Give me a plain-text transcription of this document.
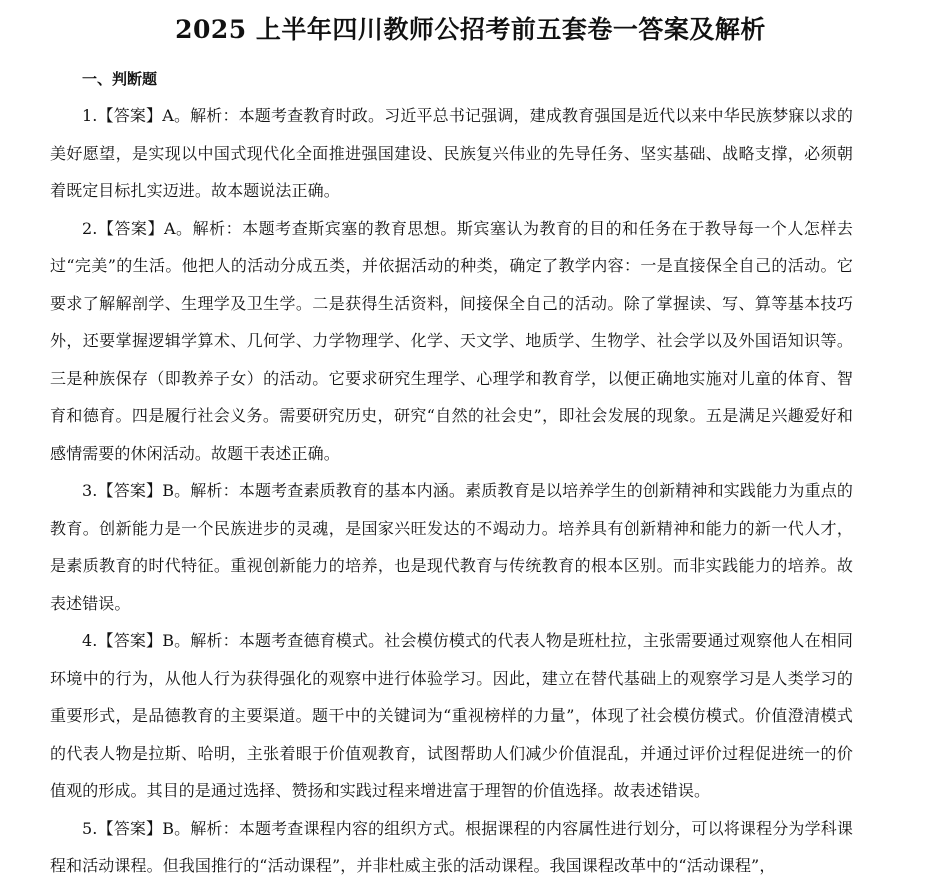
2025 上半年四川教师公招考前五套卷一答案及解析
一、判断题

1.【答案】A。解析：本题考查教育时政。习近平总书记强调，建成教育强国是近代以来中华民族梦寐以求的美好愿望，是实现以中国式现代化全面推进强国建设、民族复兴伟业的先导任务、坚实基础、战略支撑，必须朝着既定目标扎实迈进。故本题说法正确。

2.【答案】A。解析：本题考查斯宾塞的教育思想。斯宾塞认为教育的目的和任务在于教导每一个人怎样去过“完美”的生活。他把人的活动分成五类，并依据活动的种类，确定了教学内容：一是直接保全自己的活动。它要求了解解剖学、生理学及卫生学。二是获得生活资料，间接保全自己的活动。除了掌握读、写、算等基本技巧外，还要掌握逻辑学算术、几何学、力学物理学、化学、天文学、地质学、生物学、社会学以及外国语知识等。三是种族保存（即教养子女）的活动。它要求研究生理学、心理学和教育学，以便正确地实施对儿童的体育、智育和德育。四是履行社会义务。需要研究历史，研究“自然的社会史”，即社会发展的现象。五是满足兴趣爱好和感情需要的休闲活动。故题干表述正确。

3.【答案】B。解析：本题考查素质教育的基本内涵。素质教育是以培养学生的创新精神和实践能力为重点的教育。创新能力是一个民族进步的灵魂，是国家兴旺发达的不竭动力。培养具有创新精神和能力的新一代人才，是素质教育的时代特征。重视创新能力的培养，也是现代教育与传统教育的根本区别。而非实践能力的培养。故表述错误。

4.【答案】B。解析：本题考查德育模式。社会模仿模式的代表人物是班杜拉，主张需要通过观察他人在相同环境中的行为，从他人行为获得强化的观察中进行体验学习。因此，建立在替代基础上的观察学习是人类学习的重要形式，是品德教育的主要渠道。题干中的关键词为“重视榜样的力量”，体现了社会模仿模式。价值澄清模式的代表人物是拉斯、哈明，主张着眼于价值观教育，试图帮助人们减少价值混乱，并通过评价过程促进统一的价值观的形成。其目的是通过选择、赞扬和实践过程来增进富于理智的价值选择。故表述错误。

5.【答案】B。解析：本题考查课程内容的组织方式。根据课程的内容属性进行划分，可以将课程分为学科课程和活动课程。但我国推行的“活动课程”，并非杜威主张的活动课程。我国课程改革中的“活动课程”，
